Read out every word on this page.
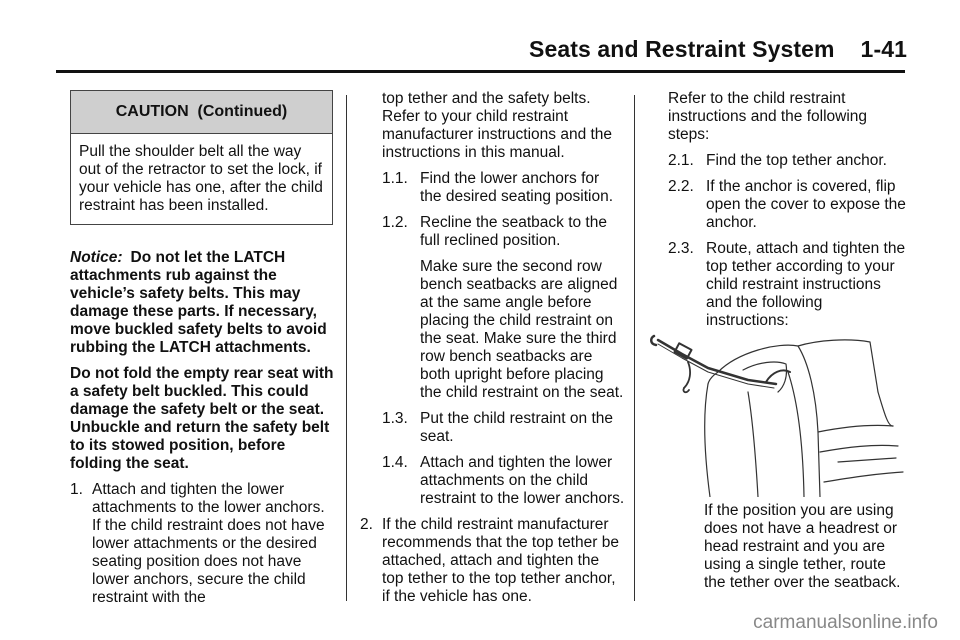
Seats and Restraint System    1-41
CAUTION  (Continued)
Pull the shoulder belt all the way out of the retractor to set the lock, if your vehicle has one, after the child restraint has been installed.

Notice: Do not let the LATCH attachments rub against the vehicle’s safety belts. This may damage these parts. If necessary, move buckled safety belts to avoid rubbing the LATCH attachments.

Do not fold the empty rear seat with a safety belt buckled. This could damage the safety belt or the seat. Unbuckle and return the safety belt to its stowed position, before folding the seat.

1. Attach and tighten the lower attachments to the lower anchors. If the child restraint does not have lower attachments or the desired seating position does not have lower anchors, secure the child restraint with the

top tether and the safety belts. Refer to your child restraint manufacturer instructions and the instructions in this manual.

1.1. Find the lower anchors for the desired seating position.
1.2. Recline the seatback to the full reclined position.

Make sure the second row bench seatbacks are aligned at the same angle before placing the child restraint on the seat. Make sure the third row bench seatbacks are both upright before placing the child restraint on the seat.

1.3. Put the child restraint on the seat.
1.4. Attach and tighten the lower attachments on the child restraint to the lower anchors.
2. If the child restraint manufacturer recommends that the top tether be attached, attach and tighten the top tether to the top tether anchor, if the vehicle has one.

Refer to the child restraint instructions and the following steps:

2.1. Find the top tether anchor.
2.2. If the anchor is covered, flip open the cover to expose the anchor.
2.3. Route, attach and tighten the top tether according to your child restraint instructions and the following instructions:

If the position you are using does not have a headrest or head restraint and you are using a single tether, route the tether over the seatback.

carmanualsonline.info
